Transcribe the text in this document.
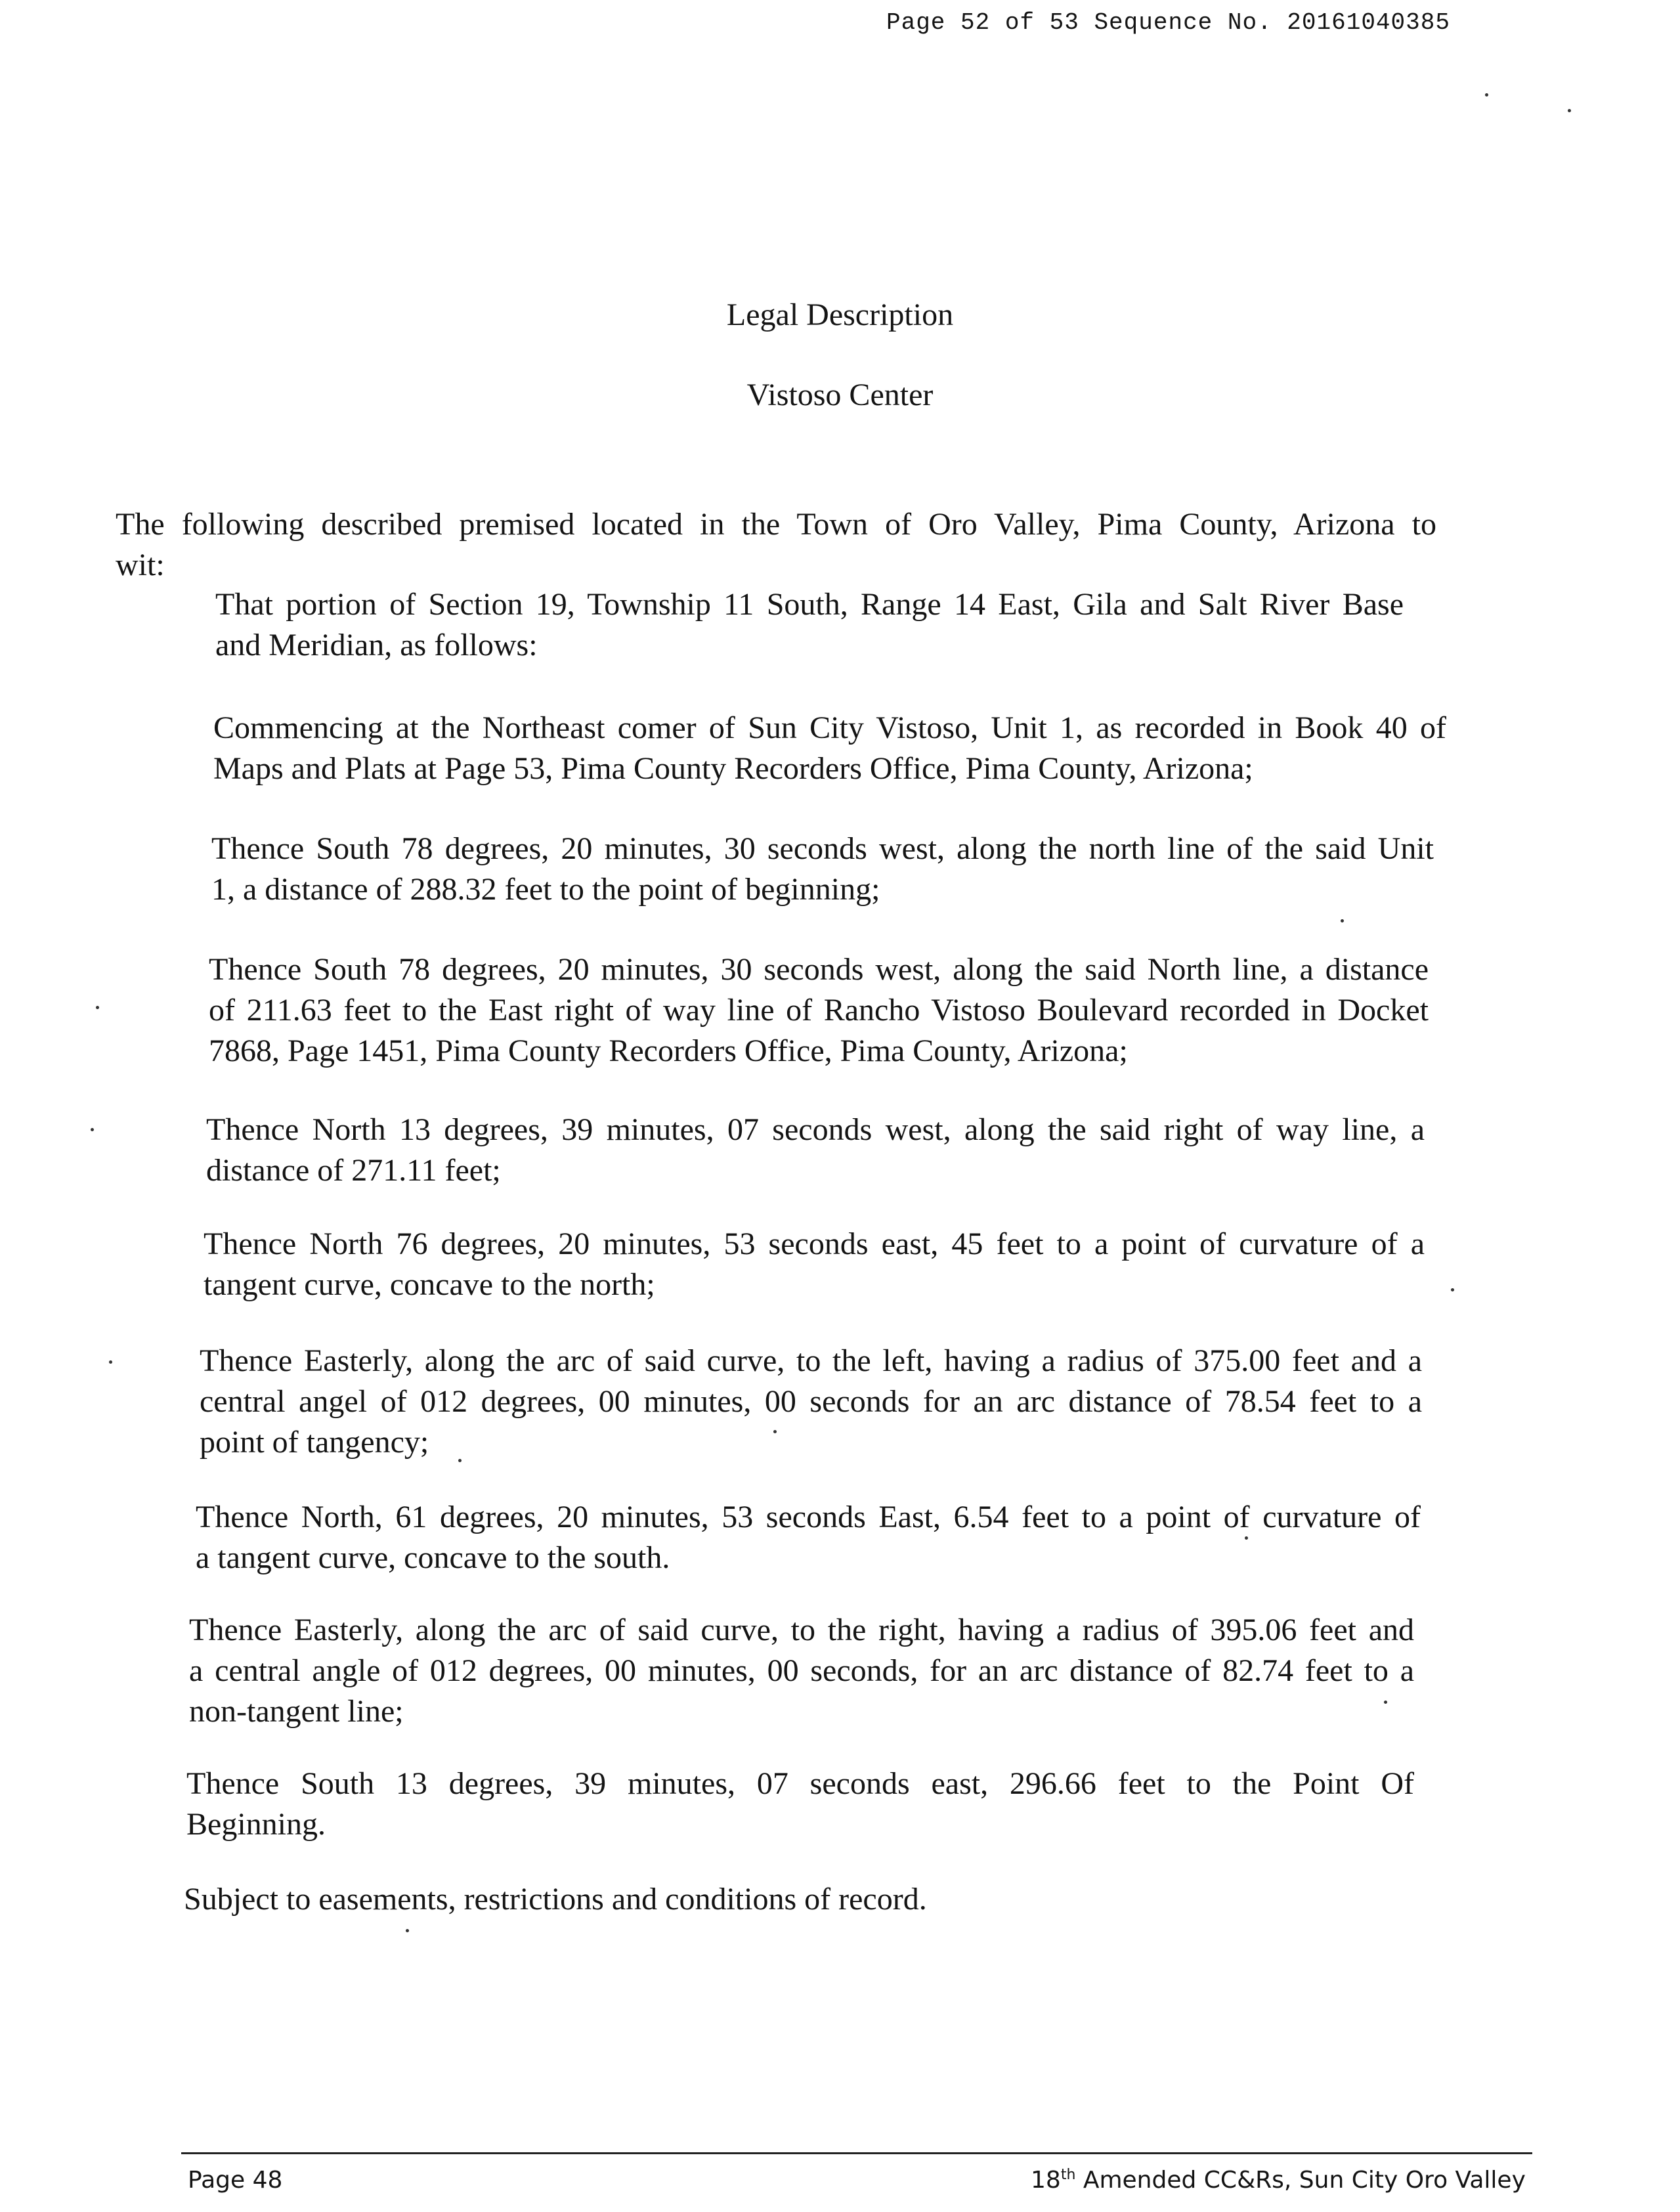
Page 52 of 53 Sequence No. 20161040385
Legal Description
Vistoso Center
The following described premised located in the Town of Oro Valley, Pima County, Arizona to
wit:
That portion of Section 19, Township 11 South, Range 14 East, Gila and Salt River Base
and Meridian, as follows:
Commencing at the Northeast comer of Sun City Vistoso, Unit 1, as recorded in Book 40 of
Maps and Plats at Page 53, Pima County Recorders Office, Pima County, Arizona;
Thence South 78 degrees, 20 minutes, 30 seconds west, along the north line of the said Unit
1, a distance of 288.32 feet to the point of beginning;
Thence South 78 degrees, 20 minutes, 30 seconds west, along the said North line, a distance
of 211.63 feet to the East right of way line of Rancho Vistoso Boulevard recorded in Docket
7868, Page 1451, Pima County Recorders Office, Pima County, Arizona;
Thence North 13 degrees, 39 minutes, 07 seconds west, along the said right of way line, a
distance of 271.11 feet;
Thence North 76 degrees, 20 minutes, 53 seconds east, 45 feet to a point of curvature of a
tangent curve, concave to the north;
Thence Easterly, along the arc of said curve, to the left, having a radius of 375.00 feet and a
central angel of 012 degrees, 00 minutes, 00 seconds for an arc distance of 78.54 feet to a
point of tangency;
Thence North, 61 degrees, 20 minutes, 53 seconds East, 6.54 feet to a point of curvature of
a tangent curve, concave to the south.
Thence Easterly, along the arc of said curve, to the right, having a radius of 395.06 feet and
a central angle of 012 degrees, 00 minutes, 00 seconds, for an arc distance of 82.74 feet to a
non-tangent line;
Thence South 13 degrees, 39 minutes, 07 seconds east, 296.66 feet to the Point Of
Beginning.
Subject to easements, restrictions and conditions of record.
Page 48	18th Amended CC&Rs, Sun City Oro Valley
